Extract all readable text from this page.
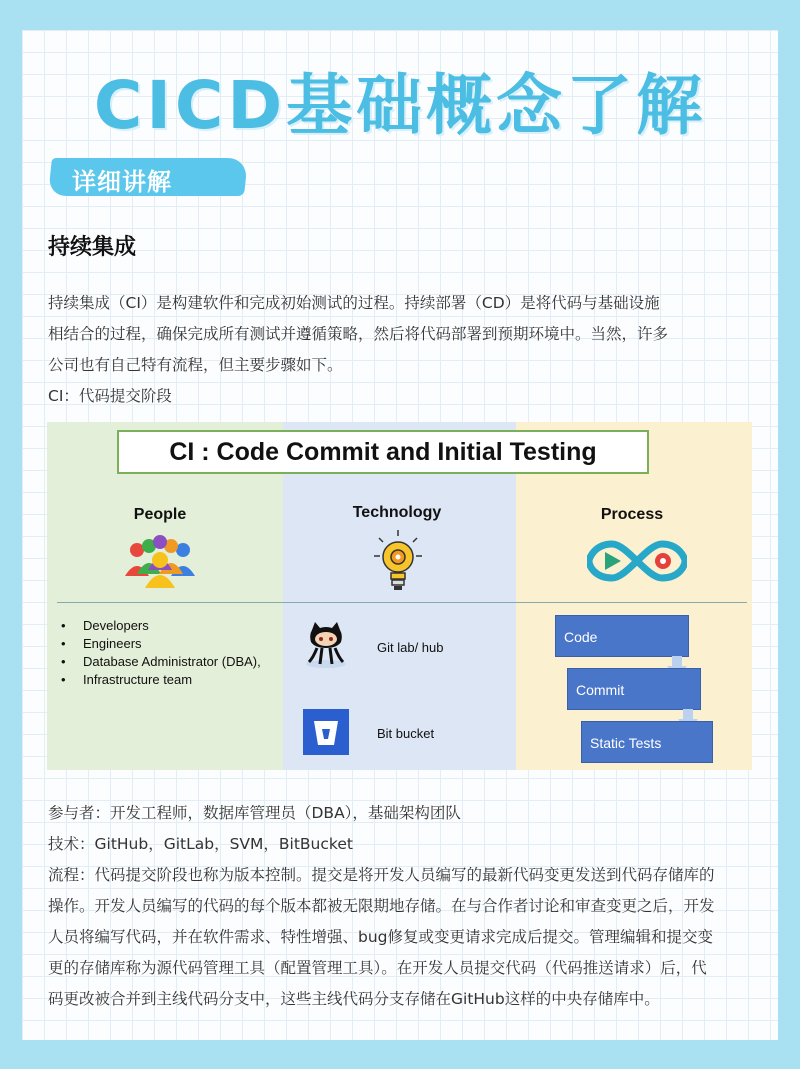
CICD基础概念了解
详细讲解
持续集成
持续集成（CI）是构建软件和完成初始测试的过程。持续部署（CD）是将代码与基础设施
相结合的过程，确保完成所有测试并遵循策略，然后将代码部署到预期环境中。当然，许多
公司也有自己特有流程，但主要步骤如下。
CI：代码提交阶段
CI : Code Commit and Initial Testing
People	Technology	Process
• Developers
• Engineers
• Database Administrator (DBA),
• Infrastructure team
Git lab/ hub
Bit bucket
Code
Commit
Static Tests
参与者：开发工程师，数据库管理员（DBA），基础架构团队
技术：GitHub，GitLab，SVM，BitBucket
流程：代码提交阶段也称为版本控制。提交是将开发人员编写的最新代码变更发送到代码存储库的
操作。开发人员编写的代码的每个版本都被无限期地存储。在与合作者讨论和审查变更之后，开发
人员将编写代码，并在软件需求、特性增强、bug修复或变更请求完成后提交。管理编辑和提交变
更的存储库称为源代码管理工具（配置管理工具）。在开发人员提交代码（代码推送请求）后，代
码更改被合并到主线代码分支中，这些主线代码分支存储在GitHub这样的中央存储库中。
